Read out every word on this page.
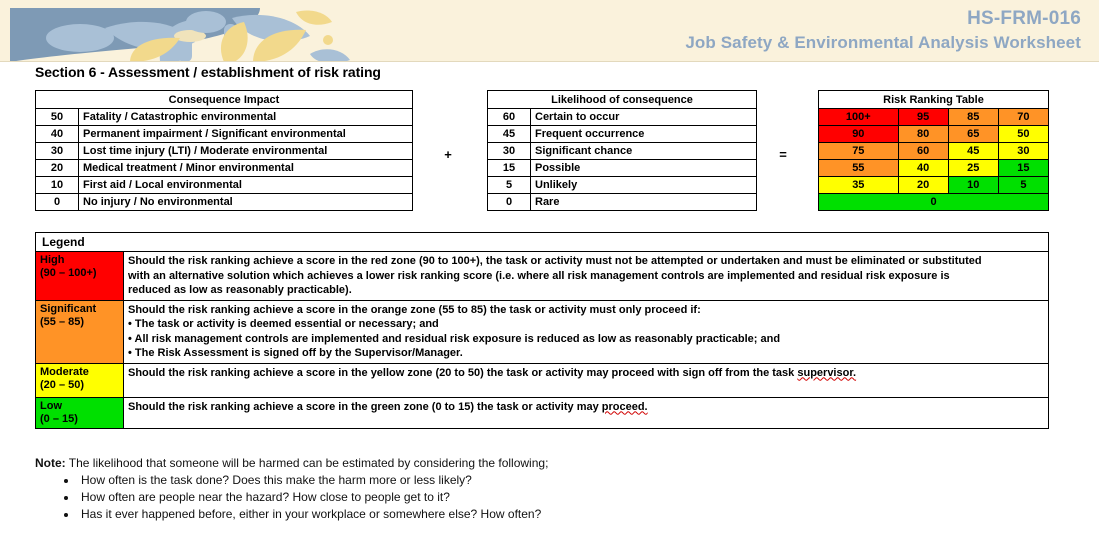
HS-FRM-016
Job Safety & Environmental Analysis Worksheet
Section 6 - Assessment / establishment of risk rating
Consequence Impact	
50	Fatality / Catastrophic environmental
40	Permanent impairment / Significant environmental
30	Lost time injury (LTI) / Moderate environmental
20	Medical treatment / Minor environmental
10	First aid / Local environmental
0	No injury / No environmental
+
Likelihood of consequence	
60	Certain to occur
45	Frequent occurrence
30	Significant chance
15	Possible
5	Unlikely
0	Rare
=
Risk Ranking Table			
100+	95	85	70
90	80	65	50
75	60	45	30
55	40	25	15
35	20	10	5
0			
Legend	

High
(90 – 100+)

Should the risk ranking achieve a score in the red zone (90 to 100+), the task or activity must not be attempted or undertaken and must be eliminated or substituted
with an alternative solution which achieves a lower risk ranking score (i.e. where all risk management controls are implemented and residual risk exposure is
reduced as low as reasonably practicable).

Significant
(55 – 85)

Should the risk ranking achieve a score in the orange zone (55 to 85) the task or activity must only proceed if:
• The task or activity is deemed essential or necessary; and
• All risk management controls are implemented and residual risk exposure is reduced as low as reasonably practicable; and
• The Risk Assessment is signed off by the Supervisor/Manager.

Moderate
(20 – 50)	Should the risk ranking achieve a score in the yellow zone (20 to 50) the task or activity may proceed with sign off from the task supervisor.

Low
(0 – 15)	Should the risk ranking achieve a score in the green zone (0 to 15) the task or activity may proceed.
Note: The likelihood that someone will be harmed can be estimated by considering the following;
How often is the task done? Does this make the harm more or less likely?
How often are people near the hazard? How close to people get to it?
Has it ever happened before, either in your workplace or somewhere else? How often?
